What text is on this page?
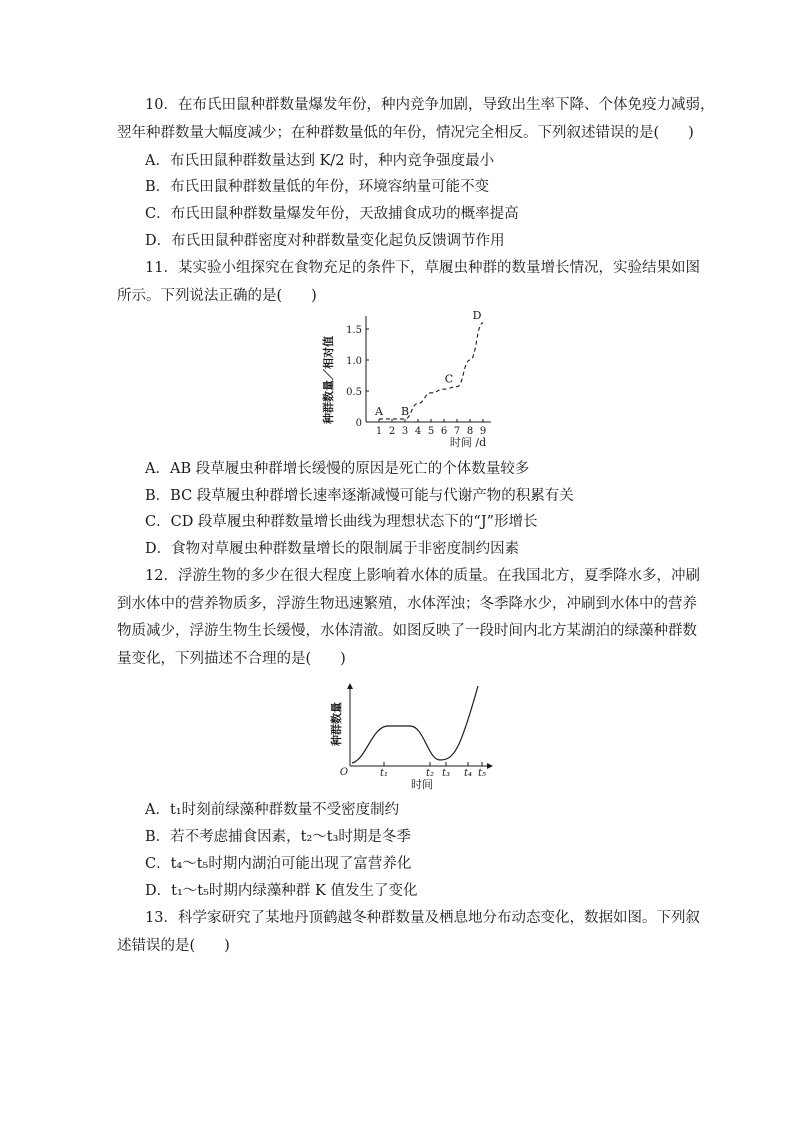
10．在布氏田鼠种群数量爆发年份，种内竞争加剧，导致出生率下降、个体免疫力减弱，
翌年种群数量大幅度减少；在种群数量低的年份，情况完全相反。下列叙述错误的是(　　)
A．布氏田鼠种群数量达到 K/2 时，种内竞争强度最小
B．布氏田鼠种群数量低的年份，环境容纳量可能不变
C．布氏田鼠种群数量爆发年份，天敌捕食成功的概率提高
D．布氏田鼠种群密度对种群数量变化起负反馈调节作用
11．某实验小组探究在食物充足的条件下，草履虫种群的数量增长情况，实验结果如图
所示。下列说法正确的是(　　)
1 2 3 4 5 6 7 8 9
0
0.5
1.0
1.5
A B
C
D
种群数量／相对值
时间 /d
A．AB 段草履虫种群增长缓慢的原因是死亡的个体数量较多
B．BC 段草履虫种群增长速率逐渐减慢可能与代谢产物的积累有关
C．CD 段草履虫种群数量增长曲线为理想状态下的“J”形增长
D．食物对草履虫种群数量增长的限制属于非密度制约因素
12．浮游生物的多少在很大程度上影响着水体的质量。在我国北方，夏季降水多，冲刷
到水体中的营养物质多，浮游生物迅速繁殖，水体浑浊；冬季降水少，冲刷到水体中的营养
物质减少，浮游生物生长缓慢，水体清澈。如图反映了一段时间内北方某湖泊的绿藻种群数
量变化，下列描述不合理的是(　　)
O
种群数量
时间
t₁	t₂ t₃ t₄ t₅
A．t₁时刻前绿藻种群数量不受密度制约
B．若不考虑捕食因素，t₂～t₃时期是冬季
C．t₄～t₅时期内湖泊可能出现了富营养化
D．t₁～t₅时期内绿藻种群 K 值发生了变化
13．科学家研究了某地丹顶鹤越冬种群数量及栖息地分布动态变化，数据如图。下列叙
述错误的是(　　)
